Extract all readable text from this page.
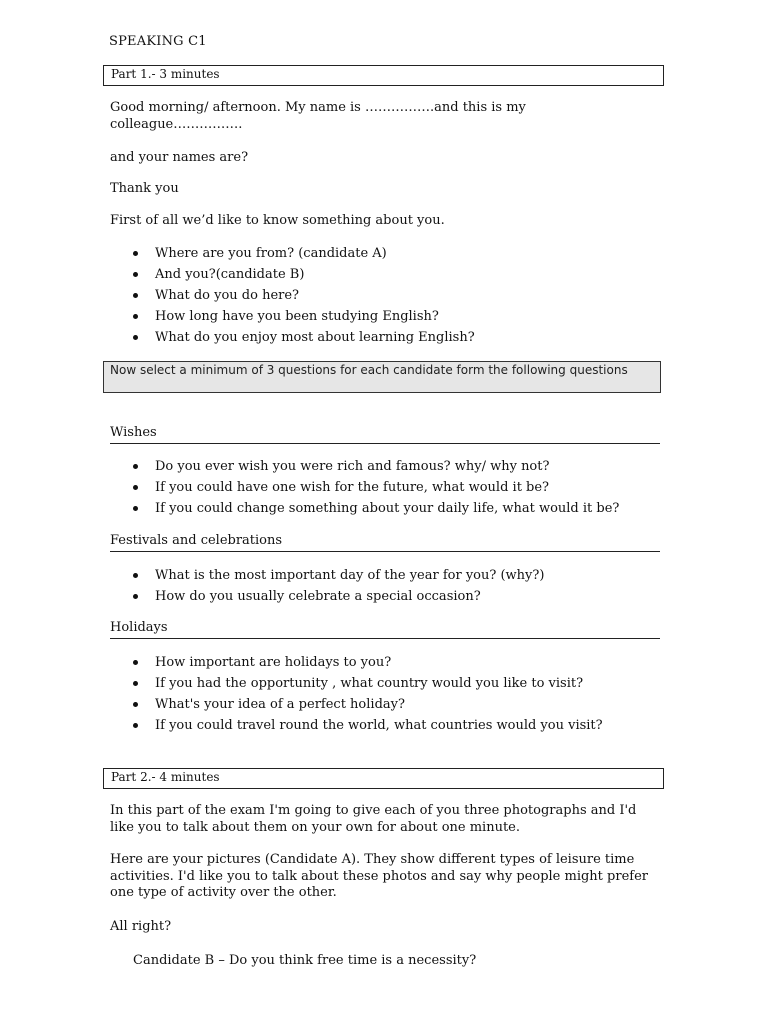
SPEAKING C1
Part 1.- 3 minutes
Good morning/ afternoon. My name is …………….and this is my colleague…………….
and your names are?
Thank you
First of all we’d like to know something about you.
Where are you from? (candidate A)
And you?(candidate B)
What do you do here?
How long have you been studying English?
What do you enjoy most about learning English?
Now select a minimum of 3 questions for each candidate form the following questions
Wishes
Do you ever wish you were rich and famous? why/ why not?
If you could have one wish for the future, what would it be?
If you could change something about your daily life, what would it be?
Festivals and celebrations
What is the most important day of the year for you? (why?)
How do you usually celebrate a special occasion?
Holidays
How important are holidays to you?
If you had the opportunity , what country would you like to visit?
What's your idea of a perfect holiday?
If you could travel round the world, what countries would you visit?
Part 2.- 4 minutes
In this part of the exam I'm going to give each of you three photographs and I'd like you to talk about them on your own for about one minute.
Here are your pictures (Candidate A). They show different types of leisure time activities. I'd like you to talk about these photos and say why people might prefer one type of activity over the other.
All right?
Candidate B – Do you think free time is a necessity?
